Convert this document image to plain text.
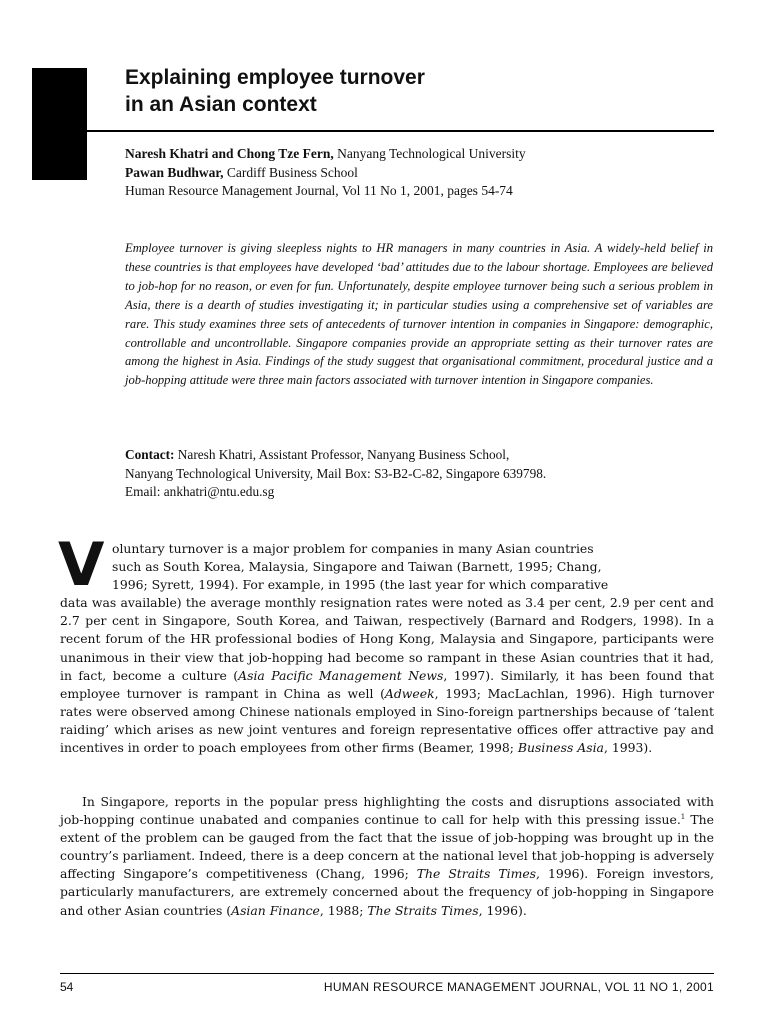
Explaining employee turnover
in an Asian context
Naresh Khatri and Chong Tze Fern, Nanyang Technological University
Pawan Budhwar, Cardiff Business School
Human Resource Management Journal, Vol 11 No 1, 2001, pages 54-74
Employee turnover is giving sleepless nights to HR managers in many countries in Asia. A widely-held belief in these countries is that employees have developed ‘bad’ attitudes due to the labour shortage. Employees are believed to job-hop for no reason, or even for fun. Unfortunately, despite employee turnover being such a serious problem in Asia, there is a dearth of studies investigating it; in particular studies using a comprehensive set of variables are rare. This study examines three sets of antecedents of turnover intention in companies in Singapore: demographic, controllable and uncontrollable. Singapore companies provide an appropriate setting as their turnover rates are among the highest in Asia. Findings of the study suggest that organisational commitment, procedural justice and a job-hopping attitude were three main factors associated with turnover intention in Singapore companies.
Contact: Naresh Khatri, Assistant Professor, Nanyang Business School,
Nanyang Technological University, Mail Box: S3-B2-C-82, Singapore 639798.
Email: ankhatri@ntu.edu.sg
V oluntary turnover is a major problem for companies in many Asian countries
such as South Korea, Malaysia, Singapore and Taiwan (Barnett, 1995; Chang,
1996; Syrett, 1994). For example, in 1995 (the last year for which comparative

data was available) the average monthly resignation rates were noted as 3.4 per cent, 2.9 per cent and 2.7 per cent in Singapore, South Korea, and Taiwan, respectively (Barnard and Rodgers, 1998). In a recent forum of the HR professional bodies of Hong Kong, Malaysia and Singapore, participants were unanimous in their view that job-hopping had become so rampant in these Asian countries that it had, in fact, become a culture (Asia Pacific Management News, 1997). Similarly, it has been found that employee turnover is rampant in China as well (Adweek, 1993; MacLachlan, 1996). High turnover rates were observed among Chinese nationals employed in Sino-foreign partnerships because of ‘talent raiding’ which arises as new joint ventures and foreign representative offices offer attractive pay and incentives in order to poach employees from other firms (Beamer, 1998; Business Asia, 1993).

In Singapore, reports in the popular press highlighting the costs and disruptions associated with job-hopping continue unabated and companies continue to call for help with this pressing issue.$^1$ The extent of the problem can be gauged from the fact that the issue of job-hopping was brought up in the country’s parliament. Indeed, there is a deep concern at the national level that job-hopping is adversely affecting Singapore’s competitiveness (Chang, 1996; The Straits Times, 1996). Foreign investors, particularly manufacturers, are extremely concerned about the frequency of job-hopping in Singapore and other Asian countries (Asian Finance, 1988; The Straits Times, 1996).

54	HUMAN RESOURCE MANAGEMENT JOURNAL, VOL 11 NO 1, 2001
